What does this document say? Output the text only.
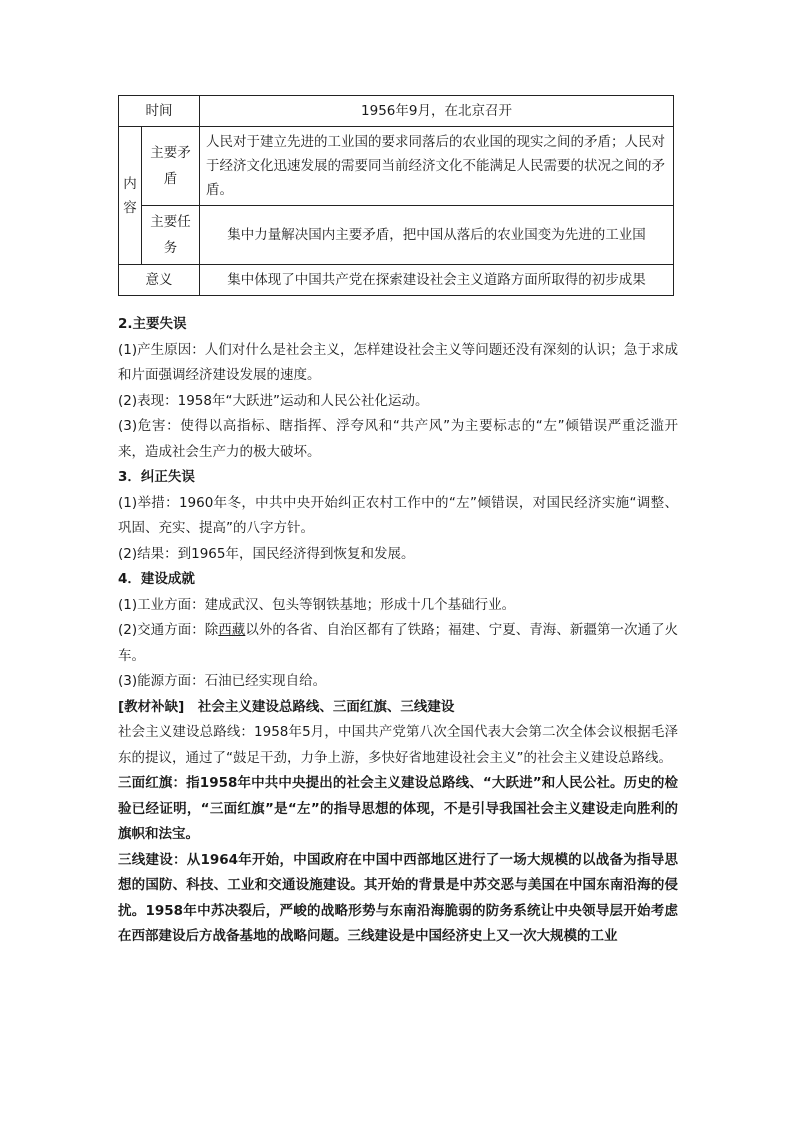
时间		1956年9月，在北京召开
内容	主要矛盾	人民对于建立先进的工业国的要求同落后的农业国的现实之间的矛盾；人民对于经济文化迅速发展的需要同当前经济文化不能满足人民需要的状况之间的矛盾。
	主要任务	集中力量解决国内主要矛盾，把中国从落后的农业国变为先进的工业国
意义		集中体现了中国共产党在探索建设社会主义道路方面所取得的初步成果

2.主要失误

(1)产生原因：人们对什么是社会主义，怎样建设社会主义等问题还没有深刻的认识；急于求成和片面强调经济建设发展的速度。

(2)表现：1958年“大跃进”运动和人民公社化运动。

(3)危害：使得以高指标、瞎指挥、浮夸风和“共产风”为主要标志的“左”倾错误严重泛滥开来，造成社会生产力的极大破坏。

3．纠正失误

(1)举措：1960年冬，中共中央开始纠正农村工作中的“左”倾错误，对国民经济实施“调整、巩固、充实、提高”的八字方针。

(2)结果：到1965年，国民经济得到恢复和发展。

4．建设成就

(1)工业方面：建成武汉、包头等钢铁基地；形成十几个基础行业。

(2)交通方面：除西藏以外的各省、自治区都有了铁路；福建、宁夏、青海、新疆第一次通了火车。

(3)能源方面：石油已经实现自给。

[教材补缺]　社会主义建设总路线、三面红旗、三线建设

社会主义建设总路线：1958年5月，中国共产党第八次全国代表大会第二次全体会议根据毛泽东的提议，通过了“鼓足干劲，力争上游，多快好省地建设社会主义”的社会主义建设总路线。

三面红旗：指1958年中共中央提出的社会主义建设总路线、“大跃进”和人民公社。历史的检验已经证明，“三面红旗”是“左”的指导思想的体现，不是引导我国社会主义建设走向胜利的旗帜和法宝。

三线建设：从1964年开始，中国政府在中国中西部地区进行了一场大规模的以战备为指导思想的国防、科技、工业和交通设施建设。其开始的背景是中苏交恶与美国在中国东南沿海的侵扰。1958年中苏决裂后，严峻的战略形势与东南沿海脆弱的防务系统让中央领导层开始考虑在西部建设后方战备基地的战略问题。三线建设是中国经济史上又一次大规模的工业
